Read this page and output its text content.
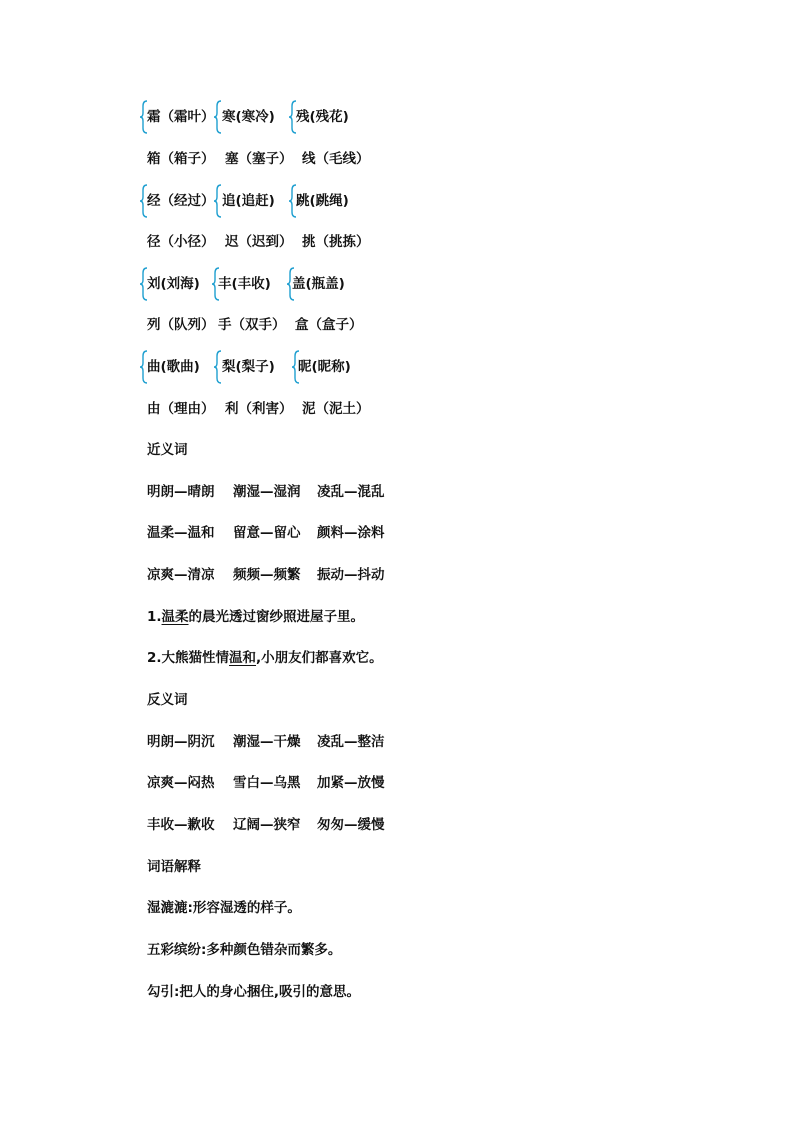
霜（霜叶） 寒(寒冷) 残(残花)
箱（箱子） 塞（塞子） 线（毛线）
经（经过） 追(追赶) 跳(跳绳)
径（小径） 迟（迟到） 挑（挑拣）
刘(刘海) 丰(丰收) 盖(瓶盖)
列（队列） 手（双手） 盒（盒子）
曲(歌曲) 梨(梨子) 昵(昵称)
由（理由） 利（利害） 泥（泥土）
近义词
明朗—晴朗 潮湿—湿润 凌乱—混乱
温柔—温和 留意—留心 颜料—涂料
凉爽—清凉 频频—频繁 振动—抖动
1.温柔的晨光透过窗纱照进屋子里。
2.大熊猫性情温和,小朋友们都喜欢它。
反义词
明朗—阴沉 潮湿—干燥 凌乱—整洁
凉爽—闷热 雪白—乌黑 加紧—放慢
丰收—歉收 辽阔—狭窄 匆匆—缓慢
词语解释
湿漉漉:形容湿透的样子。
五彩缤纷:多种颜色错杂而繁多。
勾引:把人的身心捆住,吸引的意思。
